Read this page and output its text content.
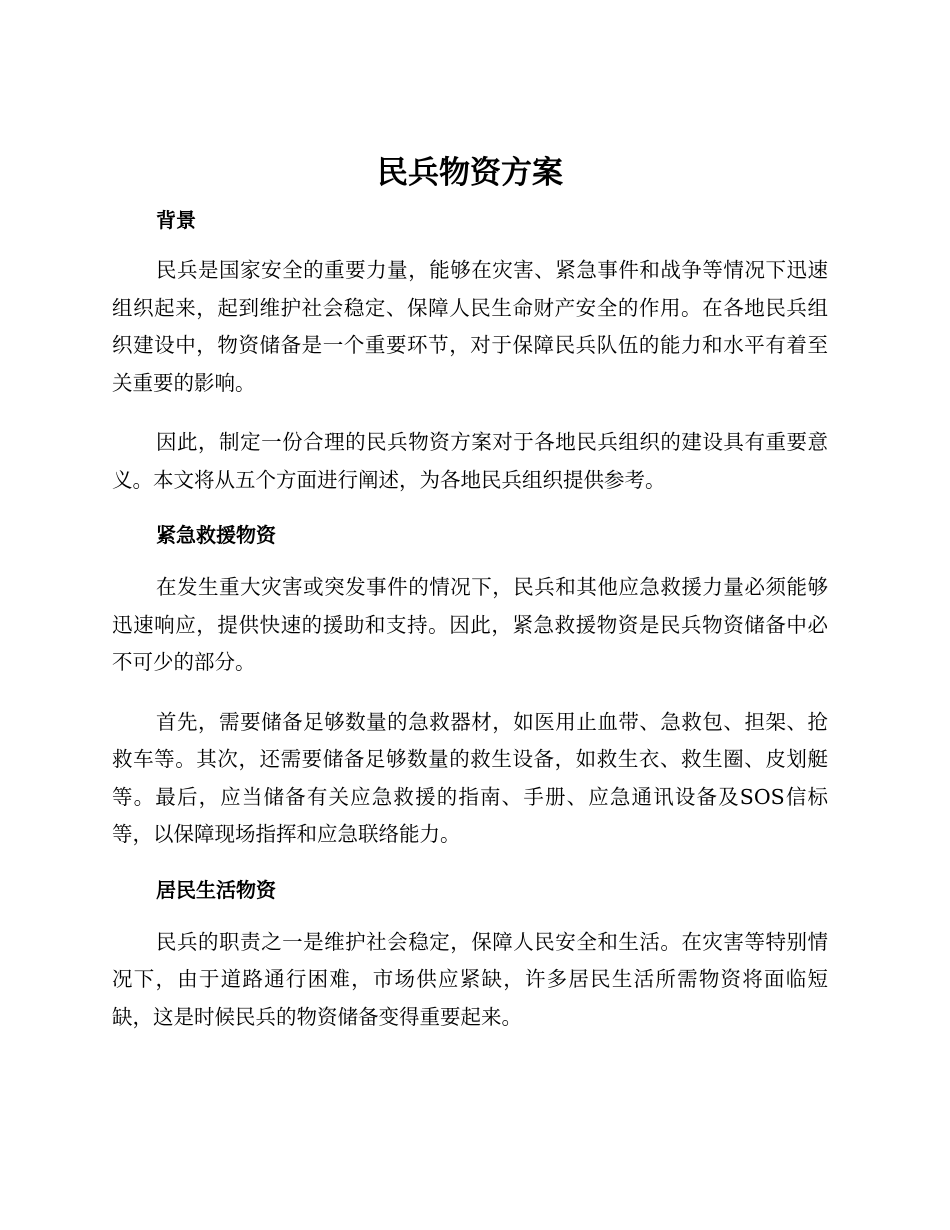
民兵物资方案
背景

民兵是国家安全的重要力量，能够在灾害、紧急事件和战争等情况下迅速组织起来，起到维护社会稳定、保障人民生命财产安全的作用。在各地民兵组织建设中，物资储备是一个重要环节，对于保障民兵队伍的能力和水平有着至关重要的影响。

因此，制定一份合理的民兵物资方案对于各地民兵组织的建设具有重要意义。本文将从五个方面进行阐述，为各地民兵组织提供参考。

紧急救援物资

在发生重大灾害或突发事件的情况下，民兵和其他应急救援力量必须能够迅速响应，提供快速的援助和支持。因此，紧急救援物资是民兵物资储备中必不可少的部分。

首先，需要储备足够数量的急救器材，如医用止血带、急救包、担架、抢救车等。其次，还需要储备足够数量的救生设备，如救生衣、救生圈、皮划艇等。最后，应当储备有关应急救援的指南、手册、应急通讯设备及SOS信标等，以保障现场指挥和应急联络能力。

居民生活物资

民兵的职责之一是维护社会稳定，保障人民安全和生活。在灾害等特别情况下，由于道路通行困难，市场供应紧缺，许多居民生活所需物资将面临短缺，这是时候民兵的物资储备变得重要起来。
